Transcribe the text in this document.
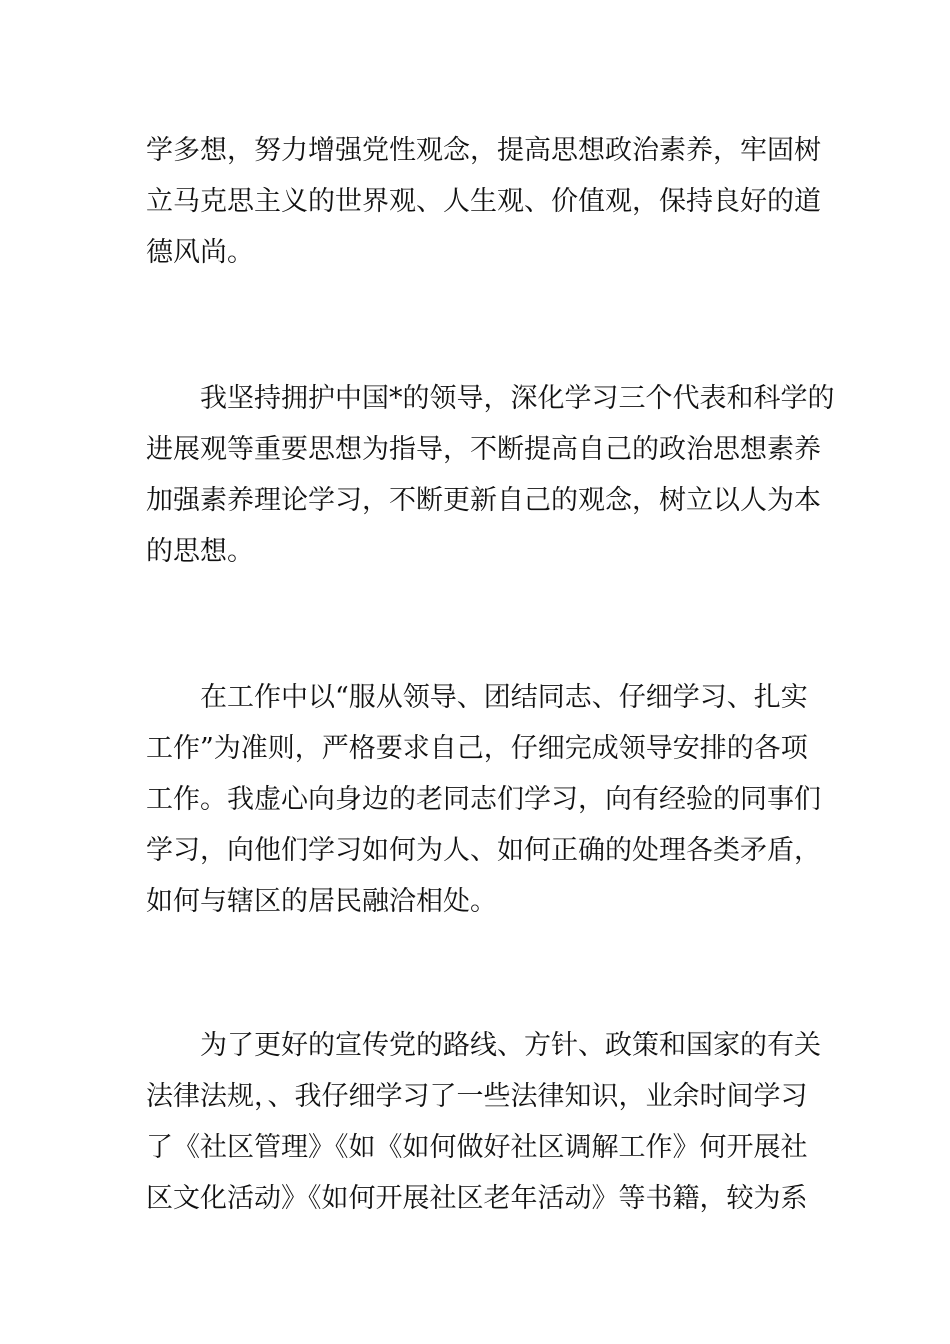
学多想，努力增强党性观念，提高思想政治素养，牢固树
立马克思主义的世界观、人生观、价值观，保持良好的道
德风尚。
我坚持拥护中国*的领导，深化学习三个代表和科学的
进展观等重要思想为指导，不断提高自己的政治思想素养
加强素养理论学习，不断更新自己的观念，树立以人为本
的思想。
在工作中以“服从领导、团结同志、仔细学习、扎实
工作”为准则，严格要求自己，仔细完成领导安排的各项
工作。我虚心向身边的老同志们学习，向有经验的同事们
学习，向他们学习如何为人、如何正确的处理各类矛盾，
如何与辖区的居民融洽相处。
为了更好的宣传党的路线、方针、政策和国家的有关
法律法规，、我仔细学习了一些法律知识，业余时间学习
了《社区管理》《如《如何做好社区调解工作》何开展社
区文化活动》《如何开展社区老年活动》等书籍，较为系
